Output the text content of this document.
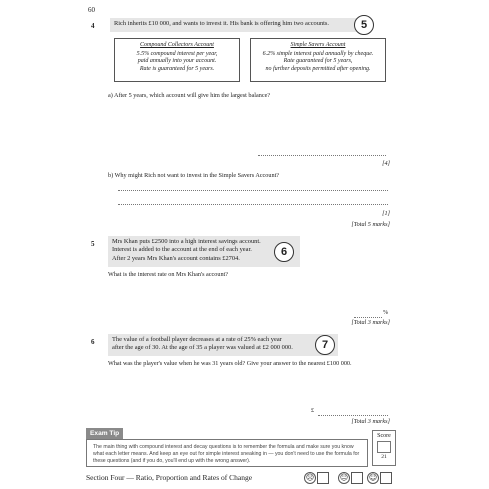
60
4	Rich inherits £10 000, and wants to invest it. His bank is offering him two accounts.	5
Compound Collectors Account
5.5% compound interest per year,
paid annually into your account.
Rate is guaranteed for 5 years.
Simple Savers Account
6.2% simple interest paid annually by cheque.
Rate guaranteed for 5 years,
no further deposits permitted after opening.
a) After 5 years, which account will give him the largest balance?
[4]
b) Why might Rich not want to invest in the Simple Savers Account?
[1]
[Total 5 marks]
5	Mrs Khan puts £2500 into a high interest savings account.
Interest is added to the account at the end of each year.
After 2 years Mrs Khan's account contains £2704.
6
What is the interest rate on Mrs Khan's account?
%
[Total 3 marks]
6	The value of a football player decreases at a rate of 25% each year
after the age of 30. At the age of 35 a player was valued at £2 000 000.	7
What was the player's value when he was 31 years old? Give your answer to the nearest £100 000.
£
[Total 3 marks]
Exam Tip
The main thing with compound interest and decay questions is to remember the formula and make sure you know what each letter means. And keep an eye out for simple interest sneaking in — you don't need to use the formula for these questions (and if you do, you'll end up with the wrong answer).
Score
21
Section Four — Ratio, Proportion and Rates of Change	☹	😐	☺
